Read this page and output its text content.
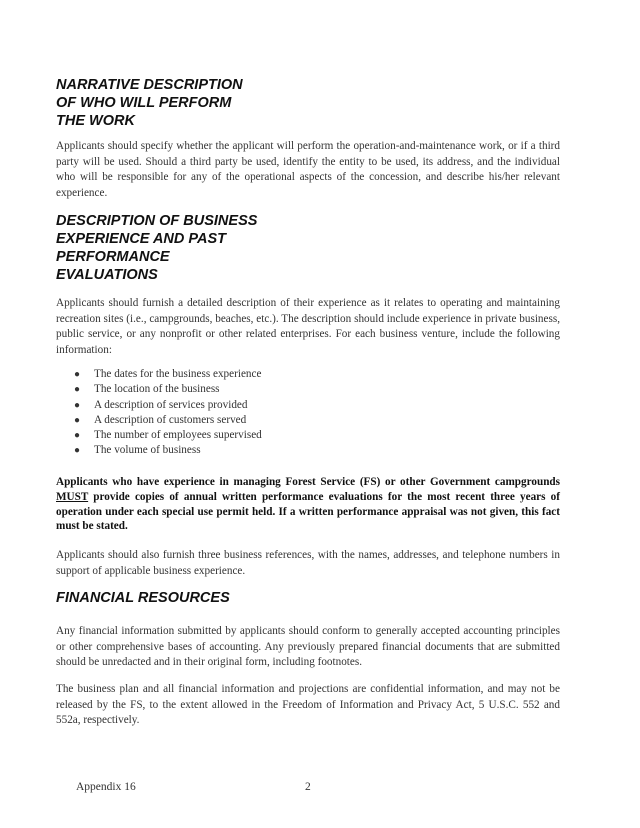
NARRATIVE DESCRIPTION
OF WHO WILL PERFORM
THE WORK

Applicants should specify whether the applicant will perform the operation-and-maintenance work, or if a third party will be used. Should a third party be used, identify the entity to be used, its address, and the individual who will be responsible for any of the operational aspects of the concession, and describe his/her relevant experience.

DESCRIPTION OF BUSINESS
EXPERIENCE AND PAST
PERFORMANCE
EVALUATIONS

Applicants should furnish a detailed description of their experience as it relates to operating and maintaining recreation sites (i.e., campgrounds, beaches, etc.). The description should include experience in private business, public service, or any nonprofit or other related enterprises. For each business venture, include the following information:

● The dates for the business experience
● The location of the business
● A description of services provided
● A description of customers served
● The number of employees supervised
● The volume of business

Applicants who have experience in managing Forest Service (FS) or other Government campgrounds MUST provide copies of annual written performance evaluations for the most recent three years of operation under each special use permit held. If a written performance appraisal was not given, this fact must be stated.

Applicants should also furnish three business references, with the names, addresses, and telephone numbers in support of applicable business experience.

FINANCIAL RESOURCES

Any financial information submitted by applicants should conform to generally accepted accounting principles or other comprehensive bases of accounting. Any previously prepared financial documents that are submitted should be unredacted and in their original form, including footnotes.

The business plan and all financial information and projections are confidential information, and may not be released by the FS, to the extent allowed in the Freedom of Information and Privacy Act, 5 U.S.C. 552 and 552a, respectively.

Appendix 16	2
